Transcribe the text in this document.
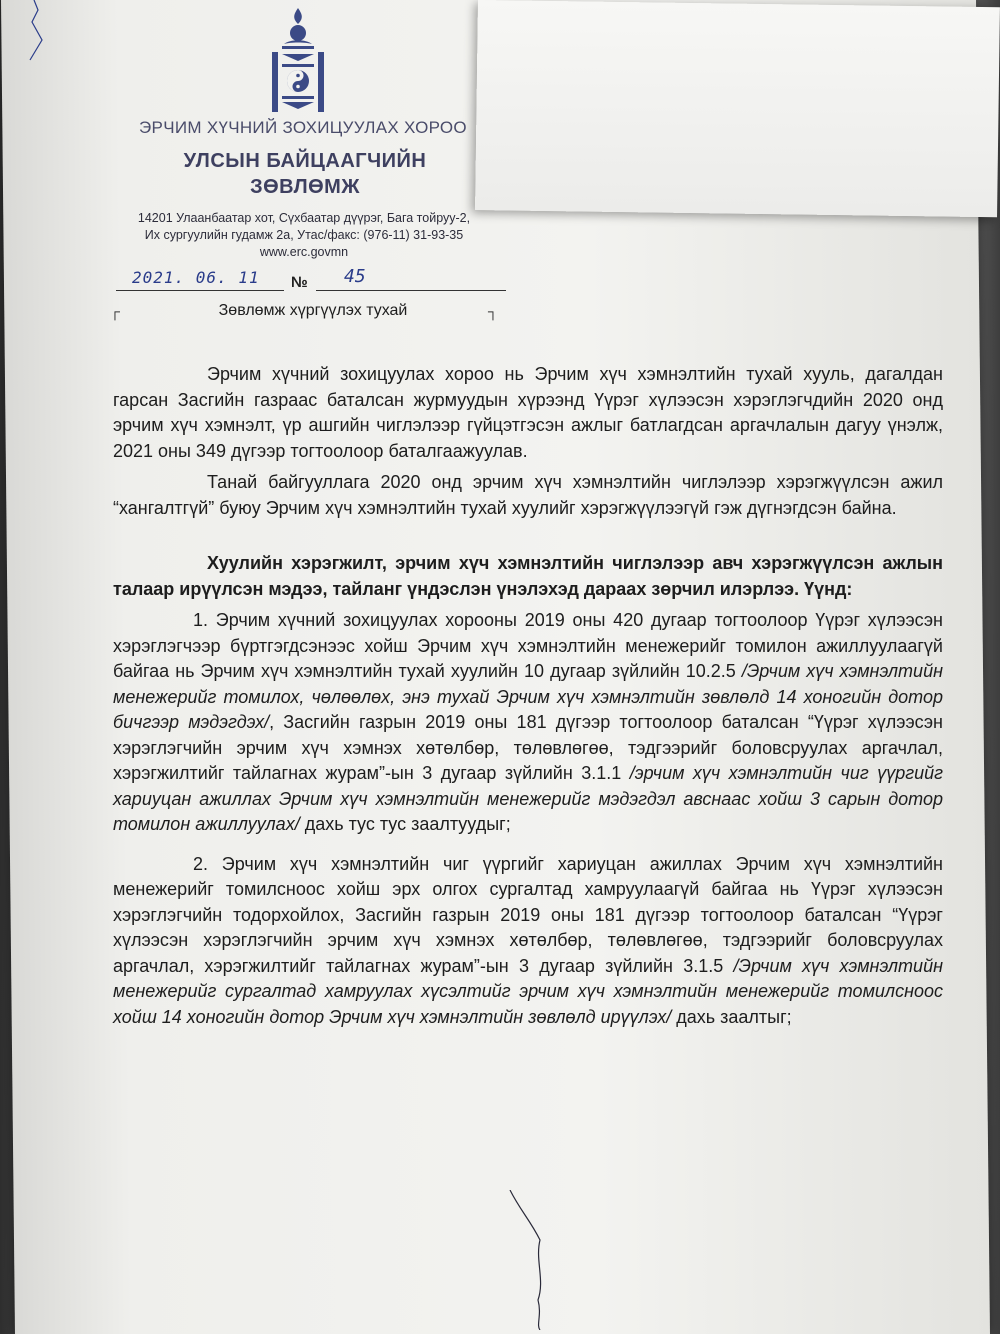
ЭРЧИМ ХҮЧНИЙ ЗОХИЦУУЛАХ ХОРОО
УЛСЫН БАЙЦААГЧИЙН
ЗӨВЛӨМЖ
14201 Улаанбаатар хот, Сүхбаатар дүүрэг, Бага тойруу-2,
Их сургуулийн гудамж 2а, Утас/факс: (976-11) 31-93-35
www.erc.govmn
2021. 06. 11 № 45
┌	┐
Зөвлөмж хүргүүлэх тухай

Эрчим хүчний зохицуулах хороо нь Эрчим хүч хэмнэлтийн тухай хууль, дагалдан гарсан Засгийн газраас баталсан журмуудын хүрээнд Үүрэг хүлээсэн хэрэглэгчдийн 2020 онд эрчим хүч хэмнэлт, үр ашгийн чиглэлээр гүйцэтгэсэн ажлыг батлагдсан аргачлалын дагуу үнэлж, 2021 оны 349 дүгээр тогтоолоор баталгаажуулав.

Танай байгууллага 2020 онд эрчим хүч хэмнэлтийн чиглэлээр хэрэгжүүлсэн ажил “хангалтгүй” буюу Эрчим хүч хэмнэлтийн тухай хуулийг хэрэгжүүлээгүй гэж дүгнэгдсэн байна.

Хуулийн хэрэгжилт, эрчим хүч хэмнэлтийн чиглэлээр авч хэрэгжүүлсэн ажлын талаар ирүүлсэн мэдээ, тайланг үндэслэн үнэлэхэд дараах зөрчил илэрлээ. Үүнд:

1. Эрчим хүчний зохицуулах хорооны 2019 оны 420 дугаар тогтоолоор Үүрэг хүлээсэн хэрэглэгчээр бүртгэгдсэнээс хойш Эрчим хүч хэмнэлтийн менежерийг томилон ажиллуулаагүй байгаа нь Эрчим хүч хэмнэлтийн тухай хуулийн 10 дугаар зүйлийн 10.2.5 /Эрчим хүч хэмнэлтийн менежерийг томилох, чөлөөлөх, энэ тухай Эрчим хүч хэмнэлтийн зөвлөлд 14 хоногийн дотор бичгээр мэдэгдэх/, Засгийн газрын 2019 оны 181 дүгээр тогтоолоор баталсан “Үүрэг хүлээсэн хэрэглэгчийн эрчим хүч хэмнэх хөтөлбөр, төлөвлөгөө, тэдгээрийг боловсруулах аргачлал, хэрэгжилтийг тайлагнах журам”-ын 3 дугаар зүйлийн 3.1.1 /эрчим хүч хэмнэлтийн чиг үүргийг хариуцан ажиллах Эрчим хүч хэмнэлтийн менежерийг мэдэгдэл авснаас хойш 3 сарын дотор томилон ажиллуулах/ дахь тус тус заалтуудыг;

2. Эрчим хүч хэмнэлтийн чиг үүргийг хариуцан ажиллах Эрчим хүч хэмнэлтийн менежерийг томилсноос хойш эрх олгох сургалтад хамруулаагүй байгаа нь Үүрэг хүлээсэн хэрэглэгчийн тодорхойлох, Засгийн газрын 2019 оны 181 дүгээр тогтоолоор баталсан “Үүрэг хүлээсэн хэрэглэгчийн эрчим хүч хэмнэх хөтөлбөр, төлөвлөгөө, тэдгээрийг боловсруулах аргачлал, хэрэгжилтийг тайлагнах журам”-ын 3 дугаар зүйлийн 3.1.5 /Эрчим хүч хэмнэлтийн менежерийг сургалтад хамруулах хүсэлтийг эрчим хүч хэмнэлтийн менежерийг томилсноос хойш 14 хоногийн дотор Эрчим хүч хэмнэлтийн зөвлөлд ирүүлэх/ дахь заалтыг;
